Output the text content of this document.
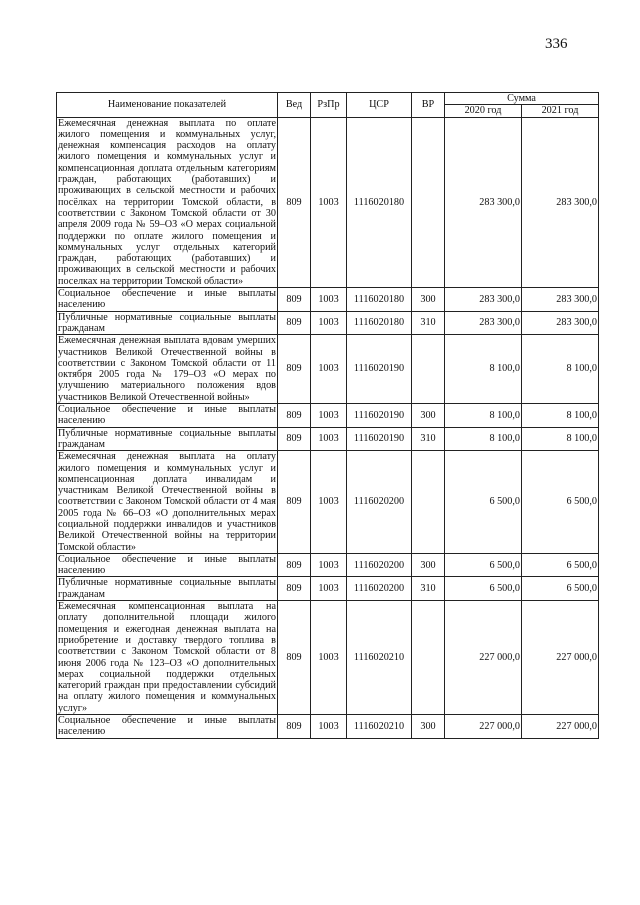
336
Наименование показателей	Вед	РзПр	ЦСР	ВР	Сумма	
					2020 год	2021 год
Ежемесячная денежная выплата по оплате жилого помещения и коммунальных услуг, денежная компенсация расходов на оплату жилого помещения и коммунальных услуг и компенсационная доплата отдельным категориям граждан, работающих (работавших) и проживающих в сельской местности и рабочих посёлках на территории Томской области, в соответствии с Законом Томской области от 30 апреля 2009 года № 59–ОЗ «О мерах социальной поддержки по оплате жилого помещения и коммунальных услуг отдельных категорий граждан, работающих (работавших) и проживающих в сельской местности и рабочих поселках на территории Томской области»	809	1003	1116020180		283 300,0	283 300,0
Социальное обеспечение и иные выплаты населению	809	1003	1116020180	300	283 300,0	283 300,0
Публичные нормативные социальные выплаты гражданам	809	1003	1116020180	310	283 300,0	283 300,0
Ежемесячная денежная выплата вдовам умерших участников Великой Отечественной войны в соответствии с Законом Томской области от 11 октября 2005 года № 179–ОЗ «О мерах по улучшению материального положения вдов участников Великой Отечественной войны»	809	1003	1116020190		8 100,0	8 100,0
Социальное обеспечение и иные выплаты населению	809	1003	1116020190	300	8 100,0	8 100,0
Публичные нормативные социальные выплаты гражданам	809	1003	1116020190	310	8 100,0	8 100,0
Ежемесячная денежная выплата на оплату жилого помещения и коммунальных услуг и компенсационная доплата инвалидам и участникам Великой Отечественной войны в соответствии с Законом Томской области от 4 мая 2005 года № 66–ОЗ «О дополнительных мерах социальной поддержки инвалидов и участников Великой Отечественной войны на территории Томской области»	809	1003	1116020200		6 500,0	6 500,0
Социальное обеспечение и иные выплаты населению	809	1003	1116020200	300	6 500,0	6 500,0
Публичные нормативные социальные выплаты гражданам	809	1003	1116020200	310	6 500,0	6 500,0
Ежемесячная компенсационная выплата на оплату дополнительной площади жилого помещения и ежегодная денежная выплата на приобретение и доставку твердого топлива в соответствии с Законом Томской области от 8 июня 2006 года № 123–ОЗ «О дополнительных мерах социальной поддержки отдельных категорий граждан при предоставлении субсидий на оплату жилого помещения и коммунальных услуг»	809	1003	1116020210		227 000,0	227 000,0
Социальное обеспечение и иные выплаты населению	809	1003	1116020210	300	227 000,0	227 000,0
